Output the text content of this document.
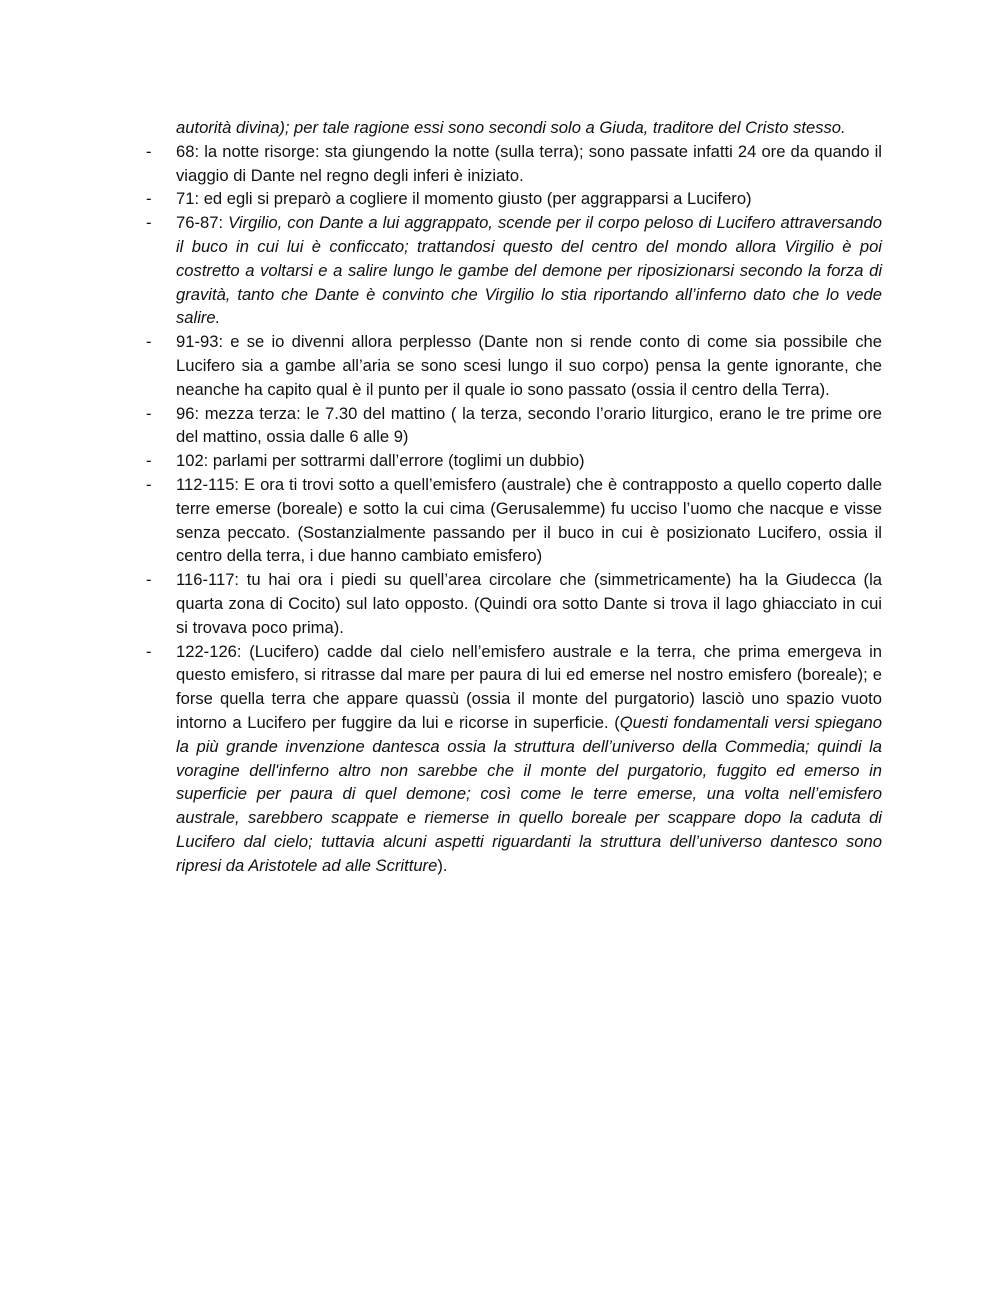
autorità divina); per tale ragione essi sono secondi solo a Giuda, traditore del Cristo stesso.
-	68: la notte risorge: sta giungendo la notte (sulla terra); sono passate infatti 24 ore da quando il viaggio di Dante nel regno degli inferi è iniziato.
-	71: ed egli si preparò a cogliere il momento giusto (per aggrapparsi a Lucifero)
-	76-87: Virgilio, con Dante a lui aggrappato, scende per il corpo peloso di Lucifero attraversando il buco in cui lui è conficcato; trattandosi questo del centro del mondo allora Virgilio è poi costretto a voltarsi e a salire lungo le gambe del demone per riposizionarsi secondo la forza di gravità, tanto che Dante è convinto che Virgilio lo stia riportando all’inferno dato che lo vede salire.
-	91-93: e se io divenni allora perplesso (Dante non si rende conto di come sia possibile che Lucifero sia a gambe all’aria se sono scesi lungo il suo corpo) pensa la gente ignorante, che neanche ha capito qual è il punto per il quale io sono passato (ossia il centro della Terra).
-	96: mezza terza: le 7.30 del mattino ( la terza, secondo l’orario liturgico, erano le tre prime ore del mattino, ossia dalle 6 alle 9)
-	102: parlami per sottrarmi dall’errore (toglimi un dubbio)
-	112-115: E ora ti trovi sotto a quell’emisfero (australe) che è contrapposto a quello coperto dalle terre emerse (boreale) e sotto la cui cima (Gerusalemme) fu ucciso l’uomo che nacque e visse senza peccato. (Sostanzialmente passando per il buco in cui è posizionato Lucifero, ossia il centro della terra, i due hanno cambiato emisfero)
-	116-117: tu hai ora i piedi su quell’area circolare che (simmetricamente) ha la Giudecca (la quarta zona di Cocito) sul lato opposto. (Quindi ora sotto Dante si trova il lago ghiacciato in cui si trovava poco prima).
-	122-126: (Lucifero) cadde dal cielo nell’emisfero australe e la terra, che prima emergeva in questo emisfero, si ritrasse dal mare per paura di lui ed emerse nel nostro emisfero (boreale); e forse quella terra che appare quassù (ossia il monte del purgatorio) lasciò uno spazio vuoto intorno a Lucifero per fuggire da lui e ricorse in superficie. (Questi fondamentali versi spiegano la più grande invenzione dantesca ossia la struttura dell’universo della Commedia; quindi la voragine dell'inferno altro non sarebbe che il monte del purgatorio, fuggito ed emerso in superficie per paura di quel demone; così come le terre emerse, una volta nell’emisfero australe, sarebbero scappate e riemerse in quello boreale per scappare dopo la caduta di Lucifero dal cielo; tuttavia alcuni aspetti riguardanti la struttura dell’universo dantesco sono ripresi da Aristotele ad alle Scritture).
